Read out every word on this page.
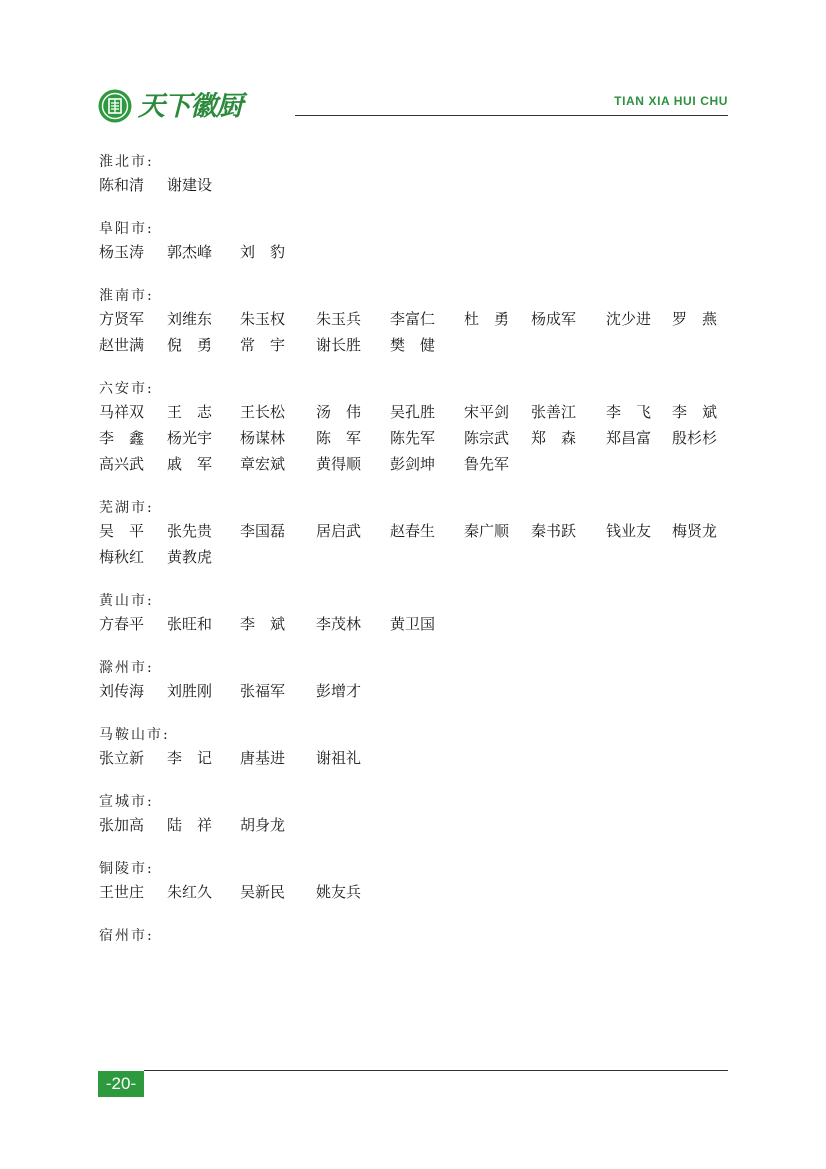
天下徽厨	TIAN XIA HUI CHU
淮北市:
陈和清	谢建设
阜阳市:
杨玉涛	郭杰峰	刘　豹
淮南市:
方贤军	刘维东	朱玉权	朱玉兵	李富仁	杜　勇	杨成军	沈少进	罗　燕
赵世满	倪　勇	常　宇	谢长胜	樊　健
六安市:
马祥双	王　志	王长松	汤　伟	吴孔胜	宋平剑	张善江	李　飞	李　斌
李　鑫	杨光宇	杨谋林	陈　军	陈先军	陈宗武	郑　森	郑昌富	殷杉杉
高兴武	戚　军	章宏斌	黄得顺	彭剑坤	鲁先军
芜湖市:
吴　平	张先贵	李国磊	居启武	赵春生	秦广顺	秦书跃	钱业友	梅贤龙
梅秋红	黄教虎
黄山市:
方春平	张旺和	李　斌	李茂林	黄卫国
滁州市:
刘传海	刘胜刚	张福军	彭增才
马鞍山市:
张立新	李　记	唐基进	谢祖礼
宣城市:
张加高	陆　祥	胡身龙
铜陵市:
王世庄	朱红久	吴新民	姚友兵
宿州市:
-20-
